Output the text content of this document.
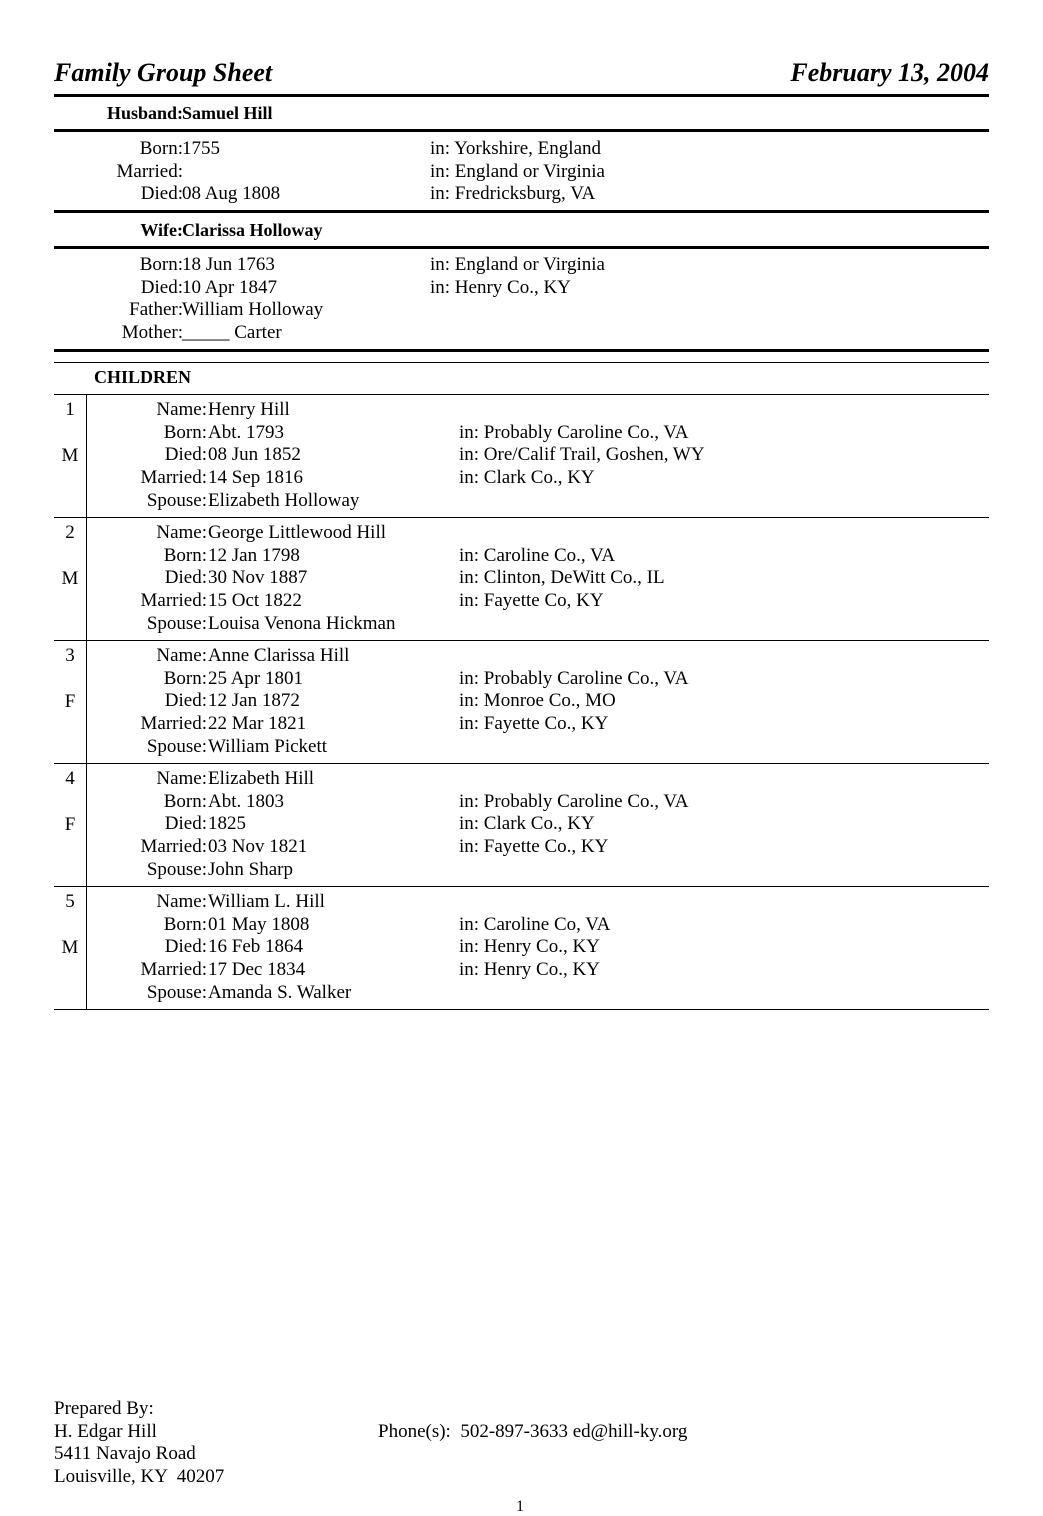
Family Group Sheet	February 13, 2004
Husband: Samuel Hill
Born: 1755	in: Yorkshire, England
Married:	in: England or Virginia
Died: 08 Aug 1808	in: Fredricksburg, VA
Wife: Clarissa Holloway
Born: 18 Jun 1763	in: England or Virginia
Died: 10 Apr 1847	in: Henry Co., KY
Father: William Holloway
Mother: _____ Carter
CHILDREN
1
M
Name: Henry Hill
Born: Abt. 1793	in: Probably Caroline Co., VA
Died: 08 Jun 1852	in: Ore/Calif Trail, Goshen, WY
Married: 14 Sep 1816	in: Clark Co., KY
Spouse: Elizabeth Holloway
2
M
Name: George Littlewood Hill
Born: 12 Jan 1798	in: Caroline Co., VA
Died: 30 Nov 1887	in: Clinton, DeWitt Co., IL
Married: 15 Oct 1822	in: Fayette Co, KY
Spouse: Louisa Venona Hickman
3
F
Name: Anne Clarissa Hill
Born: 25 Apr 1801	in: Probably Caroline Co., VA
Died: 12 Jan 1872	in: Monroe Co., MO
Married: 22 Mar 1821	in: Fayette Co., KY
Spouse: William Pickett
4
F
Name: Elizabeth Hill
Born: Abt. 1803	in: Probably Caroline Co., VA
Died: 1825	in: Clark Co., KY
Married: 03 Nov 1821	in: Fayette Co., KY
Spouse: John Sharp
5
M
Name: William L. Hill
Born: 01 May 1808	in: Caroline Co, VA
Died: 16 Feb 1864	in: Henry Co., KY
Married: 17 Dec 1834	in: Henry Co., KY
Spouse: Amanda S. Walker
Prepared By:
H. Edgar Hill
5411 Navajo Road
Louisville, KY  40207
Phone(s): 502-897-3633 ed@hill-ky.org
1
